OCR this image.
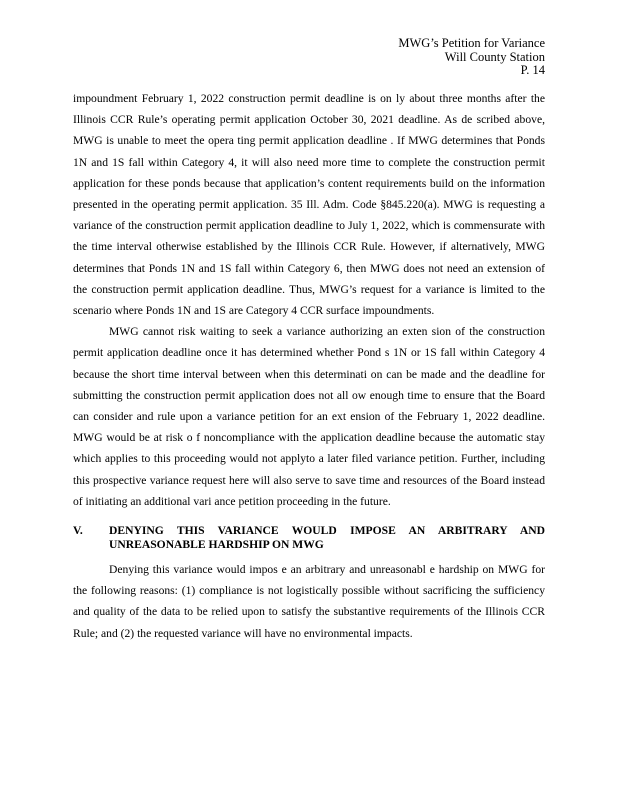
MWG’s Petition for Variance
Will County Station
P. 14

impoundment February 1, 2022 construction permit deadline is on ly about three months after the Illinois CCR Rule’s operating permit application October 30, 2021 deadline. As de scribed above, MWG is unable to meet the opera ting permit application deadline . If MWG determines that Ponds 1N and 1S fall within Category 4, it will also need more time to complete the construction permit application for these ponds because that application’s content requirements build on the information presented in the operating permit application. 35 Ill. Adm. Code §845.220(a). MWG is requesting a variance of the construction permit application deadline to July 1, 2022, which is commensurate with the time interval otherwise established by the Illinois CCR Rule. However, if alternatively, MWG determines that Ponds 1N and 1S fall within Category 6, then MWG does not need an extension of the construction permit application deadline. Thus, MWG’s request for a variance is limited to the scenario where Ponds 1N and 1S are Category 4 CCR surface impoundments.

MWG cannot risk waiting to seek a variance authorizing an exten sion of the construction permit application deadline once it has determined whether Pond s 1N or 1S fall within Category 4 because the short time interval between when this determinati on can be made and the deadline for submitting the construction permit application does not all ow enough time to ensure that the Board can consider and rule upon a variance petition for an ext ension of the February 1, 2022 deadline. MWG would be at risk o f noncompliance with the application deadline because the automatic stay which applies to this proceeding would not applyto a later filed variance petition. Further, including this prospective variance request here will also serve to save time and resources of the Board instead of initiating an additional vari ance petition proceeding in the future.

V.	DENYING THIS VARIANCE WOULD IMPOSE AN ARBITRARY AND UNREASONABLE HARDSHIP ON MWG

Denying this variance would impos e an arbitrary and unreasonabl e hardship on MWG for the following reasons: (1) compliance is not logistically possible without sacrificing the sufficiency and quality of the data to be relied upon to satisfy the substantive requirements of the Illinois CCR Rule; and (2) the requested variance will have no environmental impacts.
